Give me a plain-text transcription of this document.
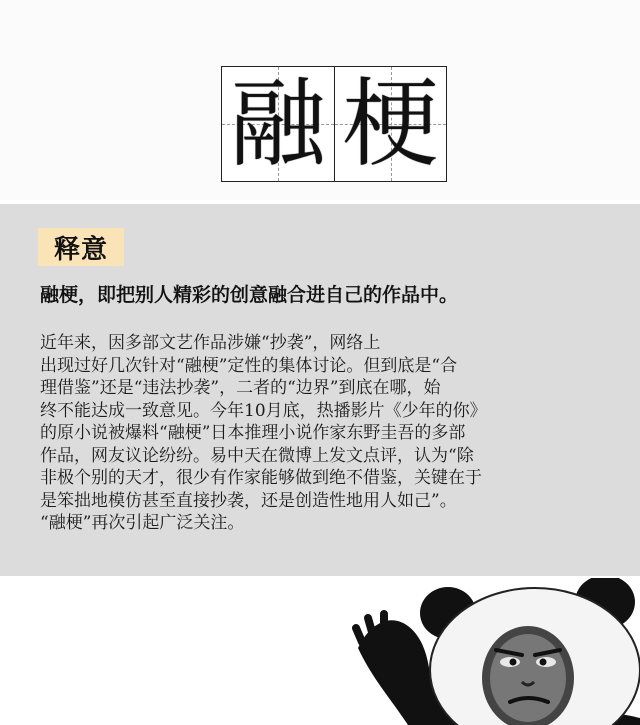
融 梗
释意
融梗，即把别人精彩的创意融合进自己的作品中。
近年来，因多部文艺作品涉嫌“抄袭”，网络上
出现过好几次针对“融梗”定性的集体讨论。但到底是“合
理借鉴”还是“违法抄袭”，二者的“边界”到底在哪，始
终不能达成一致意见。今年10月底，热播影片《少年的你》
的原小说被爆料“融梗”日本推理小说作家东野圭吾的多部
作品，网友议论纷纷。易中天在微博上发文点评，认为“除
非极个别的天才，很少有作家能够做到绝不借鉴，关键在于
是笨拙地模仿甚至直接抄袭，还是创造性地用人如己”。
“融梗”再次引起广泛关注。
